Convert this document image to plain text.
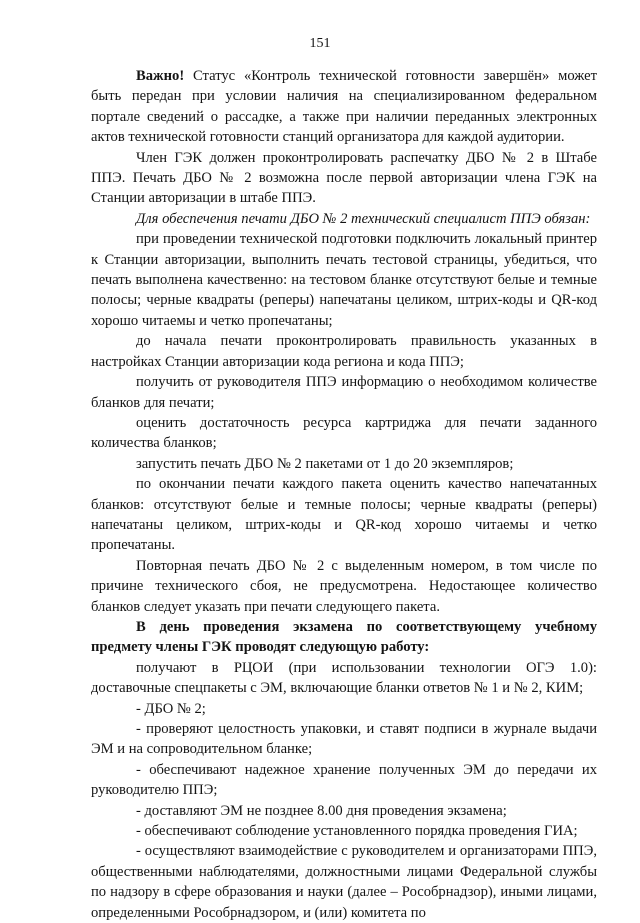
151

Важно! Статус «Контроль технической готовности завершён» может быть передан при условии наличия на специализированном федеральном портале сведений о рассадке, а также при наличии переданных электронных актов технической готовности станций организатора для каждой аудитории.

Член ГЭК должен проконтролировать распечатку ДБО № 2 в Штабе ППЭ. Печать ДБО № 2 возможна после первой авторизации члена ГЭК на Станции авторизации в штабе ППЭ.

Для обеспечения печати ДБО № 2 технический специалист ППЭ обязан:

при проведении технической подготовки подключить локальный принтер к Станции авторизации, выполнить печать тестовой страницы, убедиться, что печать выполнена качественно: на тестовом бланке отсутствуют белые и темные полосы; черные квадраты (реперы) напечатаны целиком, штрих-коды и QR-код хорошо читаемы и четко пропечатаны;

до начала печати проконтролировать правильность указанных в настройках Станции авторизации кода региона и кода ППЭ;

получить от руководителя ППЭ информацию о необходимом количестве бланков для печати;

оценить достаточность ресурса картриджа для печати заданного количества бланков;

запустить печать ДБО № 2 пакетами от 1 до 20 экземпляров;

по окончании печати каждого пакета оценить качество напечатанных бланков: отсутствуют белые и темные полосы; черные квадраты (реперы) напечатаны целиком, штрих-коды и QR-код хорошо читаемы и четко пропечатаны.

Повторная печать ДБО № 2 с выделенным номером, в том числе по причине технического сбоя, не предусмотрена. Недостающее количество бланков следует указать при печати следующего пакета.

В день проведения экзамена по соответствующему учебному предмету члены ГЭК проводят следующую работу:

получают в РЦОИ (при использовании технологии ОГЭ 1.0): доставочные спецпакеты с ЭМ, включающие бланки ответов № 1 и № 2, КИМ;

- ДБО № 2;

- проверяют целостность упаковки, и ставят подписи в журнале выдачи ЭМ и на сопроводительном бланке;

- обеспечивают надежное хранение полученных ЭМ до передачи их руководителю ППЭ;

- доставляют ЭМ не позднее 8.00 дня проведения экзамена;

- обеспечивают соблюдение установленного порядка проведения ГИА;

- осуществляют взаимодействие с руководителем и организаторами ППЭ, общественными наблюдателями, должностными лицами Федеральной службы по надзору в сфере образования и науки (далее – Рособрнадзор), иными лицами, определенными Рособрнадзором, и (или) комитета по
